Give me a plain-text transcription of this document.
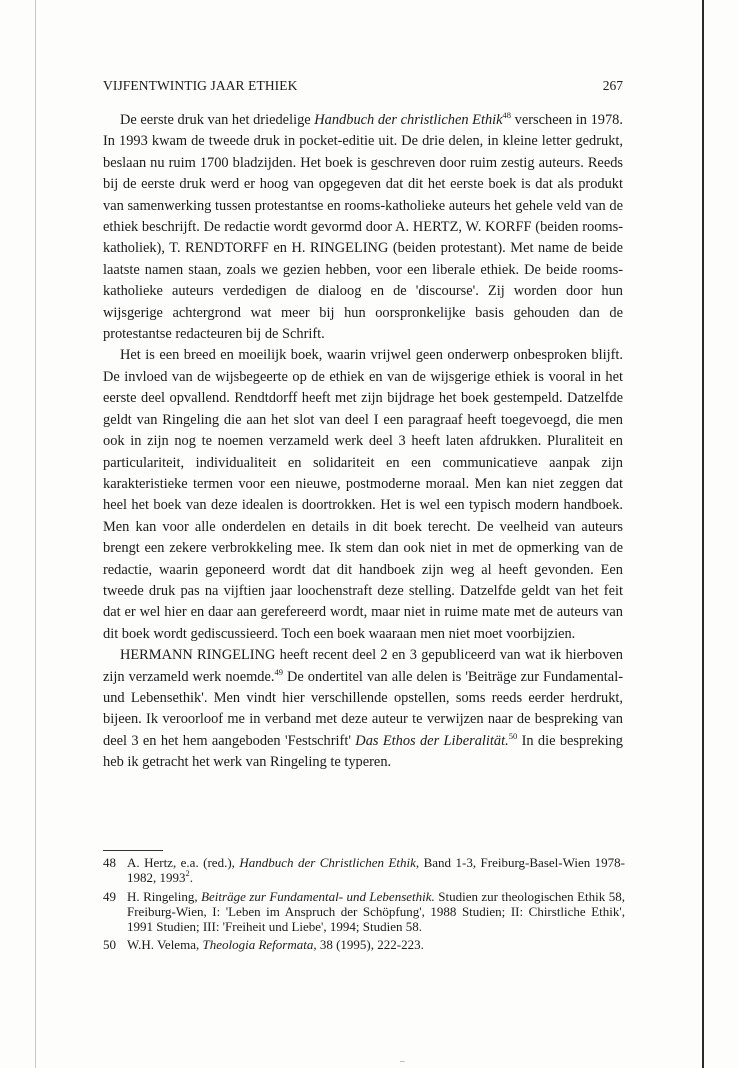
VIJFENTWINTIG JAAR ETHIEK	267

De eerste druk van het driedelige Handbuch der christlichen Ethik$^{48}$ verscheen in 1978. In 1993 kwam de tweede druk in pocket-editie uit. De drie delen, in kleine letter gedrukt, beslaan nu ruim 1700 bladzijden. Het boek is geschreven door ruim zestig auteurs. Reeds bij de eerste druk werd er hoog van opgegeven dat dit het eerste boek is dat als produkt van samenwerking tussen protestantse en rooms-katholieke auteurs het gehele veld van de ethiek beschrijft. De redactie wordt gevormd door A. HERTZ, W. KORFF (beiden rooms-katholiek), T. RENDTORFF en H. RINGELING (beiden protestant). Met name de beide laatste namen staan, zoals we gezien hebben, voor een liberale ethiek. De beide rooms-katholieke auteurs verdedigen de dialoog en de 'discourse'. Zij worden door hun wijsgerige achtergrond wat meer bij hun oorspronkelijke basis gehouden dan de protestantse redacteuren bij de Schrift.

Het is een breed en moeilijk boek, waarin vrijwel geen onderwerp onbesproken blijft. De invloed van de wijsbegeerte op de ethiek en van de wijsgerige ethiek is vooral in het eerste deel opvallend. Rendtdorff heeft met zijn bijdrage het boek gestempeld. Datzelfde geldt van Ringeling die aan het slot van deel I een paragraaf heeft toegevoegd, die men ook in zijn nog te noemen verzameld werk deel 3 heeft laten afdrukken. Pluraliteit en particulariteit, individualiteit en solidariteit en een communicatieve aanpak zijn karakteristieke termen voor een nieuwe, postmoderne moraal. Men kan niet zeggen dat heel het boek van deze idealen is doortrokken. Het is wel een typisch modern handboek. Men kan voor alle onderdelen en details in dit boek terecht. De veelheid van auteurs brengt een zekere verbrokkeling mee. Ik stem dan ook niet in met de opmerking van de redactie, waarin geponeerd wordt dat dit handboek zijn weg al heeft gevonden. Een tweede druk pas na vijftien jaar loochenstraft deze stelling. Datzelfde geldt van het feit dat er wel hier en daar aan gerefereerd wordt, maar niet in ruime mate met de auteurs van dit boek wordt gediscussieerd. Toch een boek waaraan men niet moet voorbijzien.

HERMANN RINGELING heeft recent deel 2 en 3 gepubliceerd van wat ik hierboven zijn verzameld werk noemde.$^{49}$ De ondertitel van alle delen is 'Beiträge zur Fundamental- und Lebensethik'. Men vindt hier verschillende opstellen, soms reeds eerder herdrukt, bijeen. Ik veroorloof me in verband met deze auteur te verwijzen naar de bespreking van deel 3 en het hem aangeboden 'Festschrift' Das Ethos der Liberalität.$^{50}$ In die bespreking heb ik getracht het werk van Ringeling te typeren.

48 A. Hertz, e.a. (red.), Handbuch der Christlichen Ethik, Band 1-3, Freiburg-Basel-Wien 1978-1982, 1993$^2$.
49 H. Ringeling, Beiträge zur Fundamental- und Lebensethik. Studien zur theologischen Ethik 58, Freiburg-Wien, I: 'Leben im Anspruch der Schöpfung', 1988 Studien; II: Chirstliche Ethik', 1991 Studien; III: 'Freiheit und Liebe', 1994; Studien 58.
50 W.H. Velema, Theologia Reformata, 38 (1995), 222-223.
–
